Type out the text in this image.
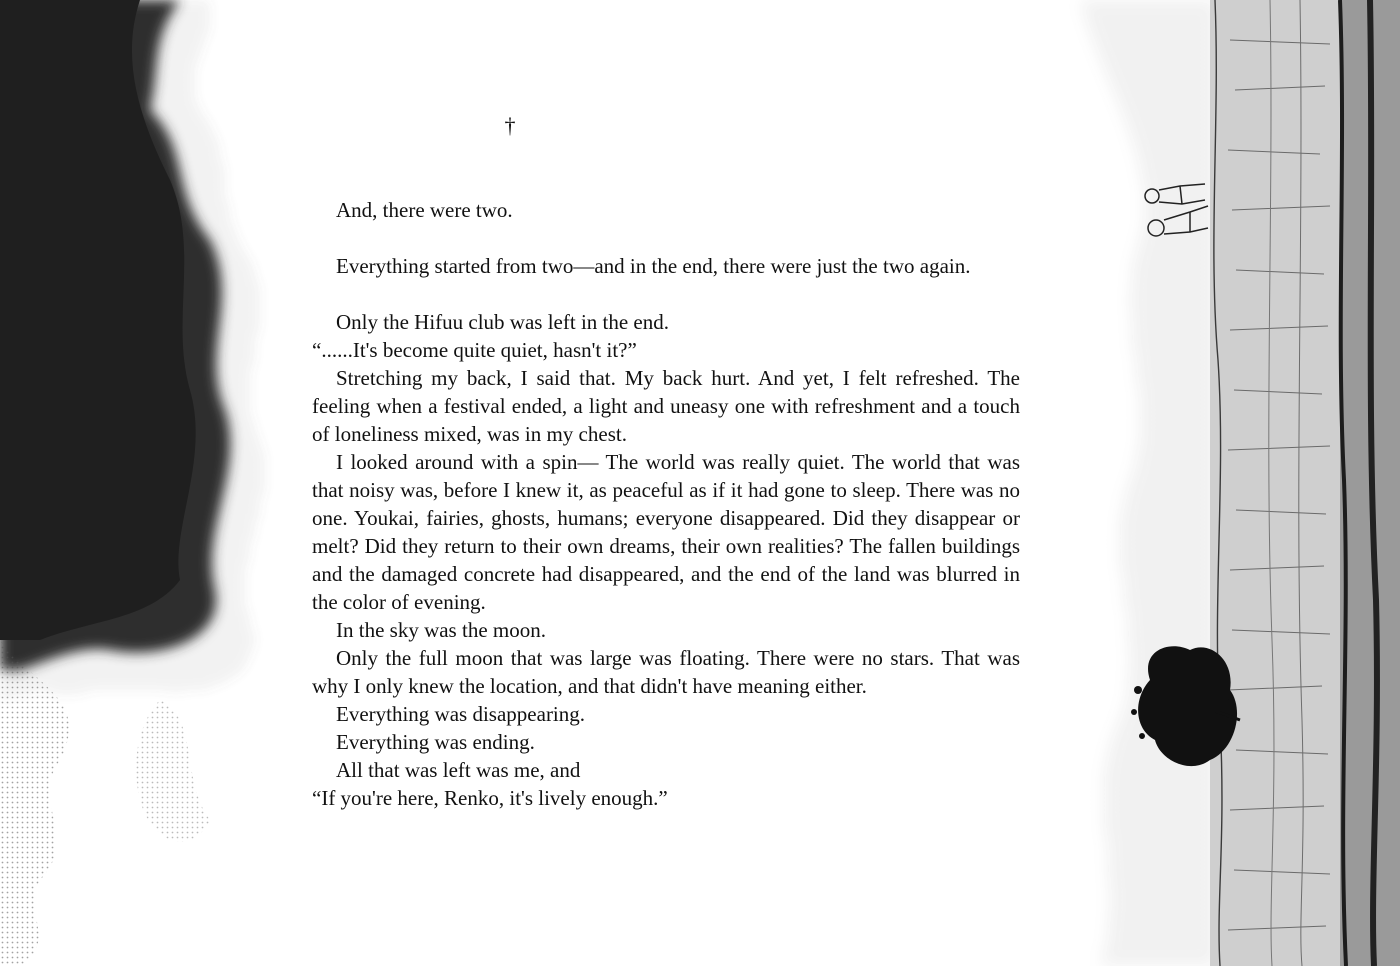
†

And, there were two.

Everything started from two—and in the end, there were just the two again.

Only the Hifuu club was left in the end.

“......It's become quite quiet, hasn't it?”

Stretching my back, I said that. My back hurt. And yet, I felt refreshed. The feeling when a festival ended, a light and uneasy one with refreshment and a touch of loneliness mixed, was in my chest.

I looked around with a spin— The world was really quiet. The world that was that noisy was, before I knew it, as peaceful as if it had gone to sleep. There was no one. Youkai, fairies, ghosts, humans; everyone disappeared. Did they disappear or melt? Did they return to their own dreams, their own realities? The fallen buildings and the damaged concrete had disappeared, and the end of the land was blurred in the color of evening.

In the sky was the moon.

Only the full moon that was large was floating. There were no stars. That was why I only knew the location, and that didn't have meaning either.

Everything was disappearing.

Everything was ending.

All that was left was me, and

“If you're here, Renko, it's lively enough.”
